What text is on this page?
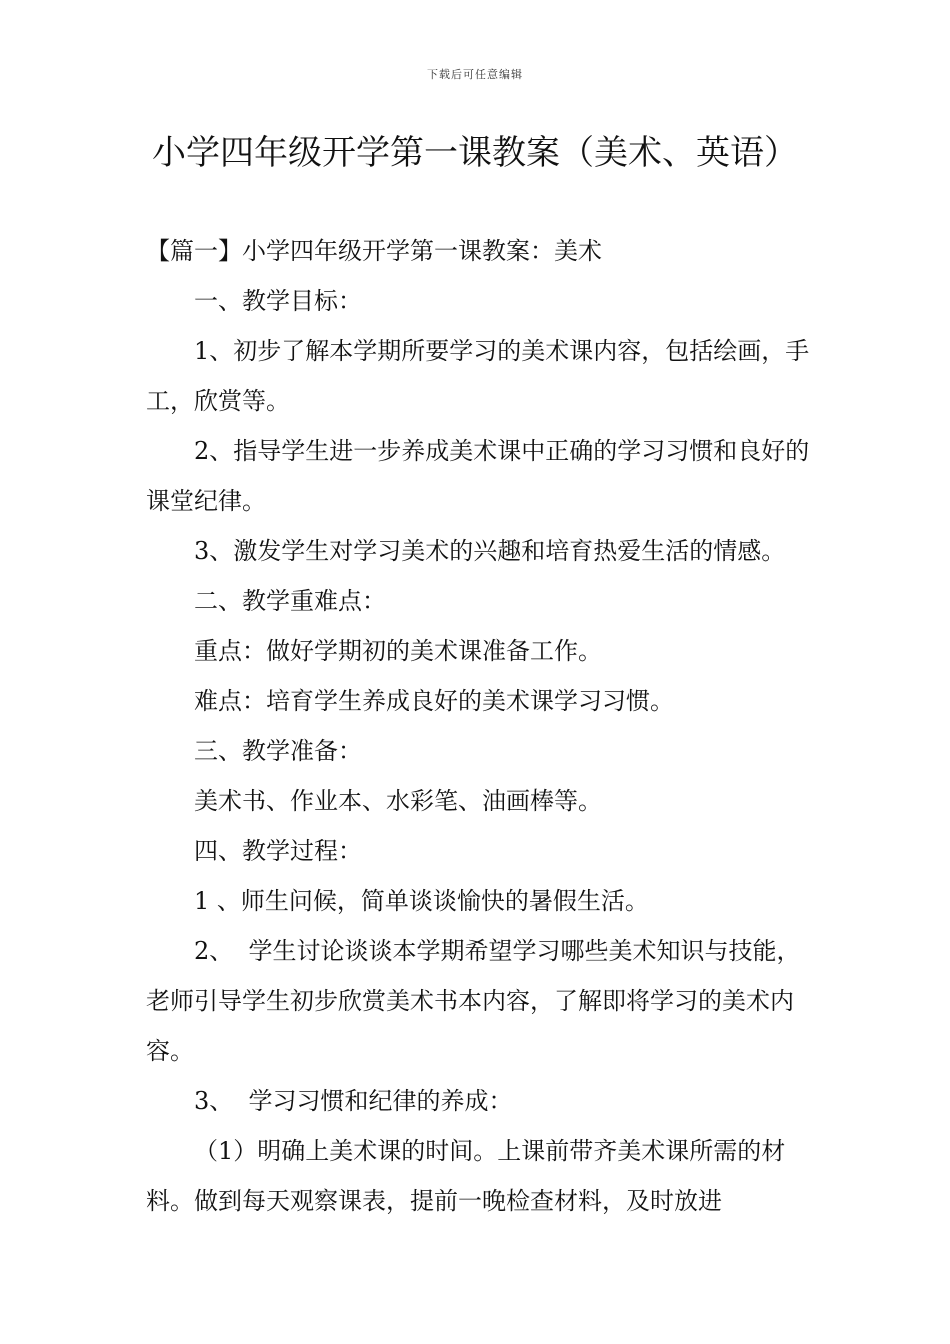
下载后可任意编辑
小学四年级开学第一课教案（美术、英语）

【篇一】小学四年级开学第一课教案：美术

一、教学目标：

1、初步了解本学期所要学习的美术课内容，包括绘画，手工，欣赏等。

2、指导学生进一步养成美术课中正确的学习习惯和良好的课堂纪律。

3、激发学生对学习美术的兴趣和培育热爱生活的情感。

二、教学重难点：

重点：做好学期初的美术课准备工作。

难点：培育学生养成良好的美术课学习习惯。

三、教学准备：

美术书、作业本、水彩笔、油画棒等。

四、教学过程：

1 、师生问候，简单谈谈愉快的暑假生活。

2、  学生讨论谈谈本学期希望学习哪些美术知识与技能，老师引导学生初步欣赏美术书本内容，了解即将学习的美术内容。

3、  学习习惯和纪律的养成：

（1）明确上美术课的时间。上课前带齐美术课所需的材料。做到每天观察课表，提前一晚检查材料，及时放进
